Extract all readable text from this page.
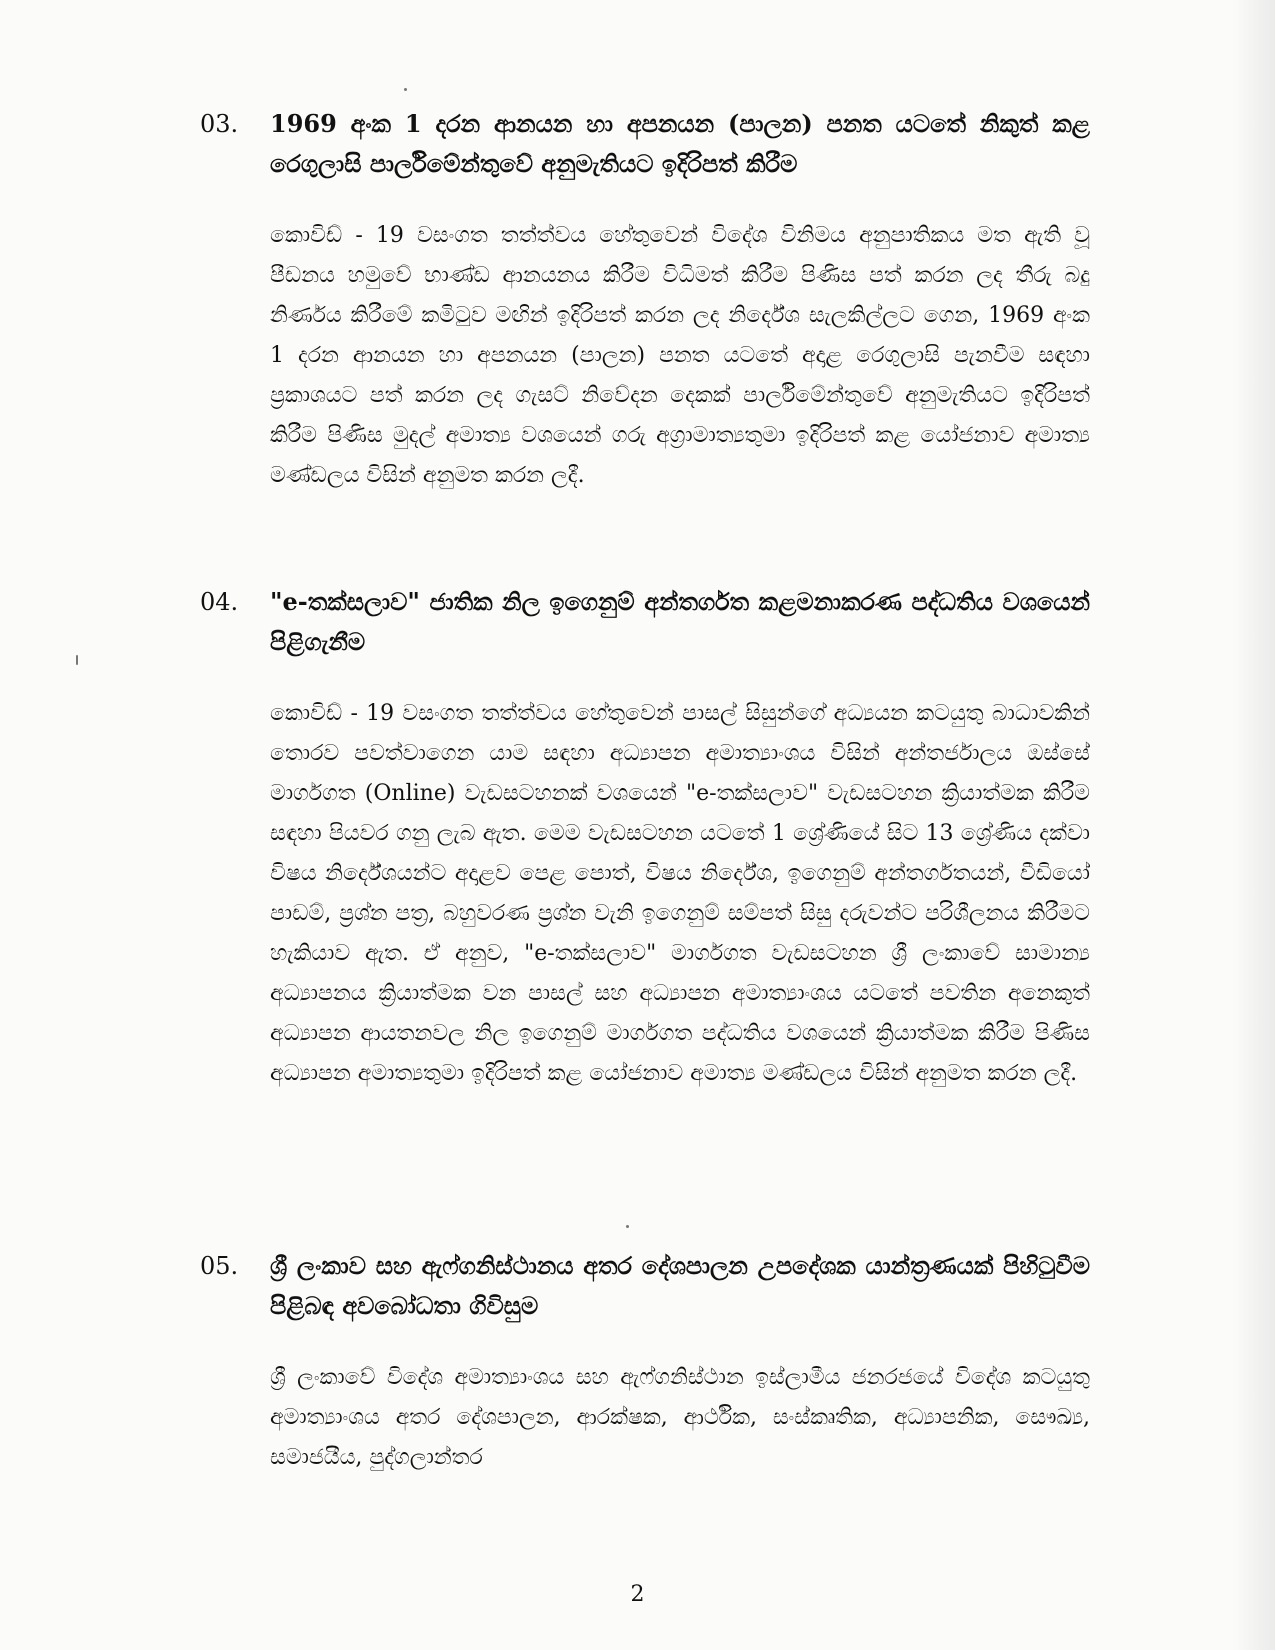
03. 1969 අංක 1 දරන ආනයන හා අපනයන (පාලන) පනත යටතේ නිකුත් කළ රෙගුලාසි පාර්ලිමේන්තුවේ අනුමැතියට ඉදිරිපත් කිරීම
කොවිඩ් - 19 වසංගත තත්ත්වය හේතුවෙන් විදේශ විනිමය අනුපාතිකය මත ඇති වූ පීඩනය හමුවේ භාණ්ඩ ආනයනය කිරීම විධිමත් කිරීම පිණිස පත් කරන ලද තීරු බදු නිර්ණය කිරීමේ කමිටුව මඟින් ඉදිරිපත් කරන ලද නිර්දේශ සැලකිල්ලට ගෙන, 1969 අංක 1 දරන ආනයන හා අපනයන (පාලන) පනත යටතේ අදාළ රෙගුලාසි පැනවීම සඳහා ප්‍රකාශයට පත් කරන ලද ගැසට් නිවේදන දෙකක් පාර්ලිමේන්තුවේ අනුමැතියට ඉදිරිපත් කිරීම පිණිස මුදල් අමාත්‍ය වශයෙන් ගරු අග්‍රාමාත්‍යතුමා ඉදිරිපත් කළ යෝජනාව අමාත්‍ය මණ්ඩලය විසින් අනුමත කරන ලදී.
04. "e-තක්සලාව" ජාතික නිල ඉගෙනුම් අන්තර්ගත කළමනාකරණ පද්ධතිය වශයෙන් පිළිගැනීම
කොවිඩ් - 19 වසංගත තත්ත්වය හේතුවෙන් පාසල් සිසුන්ගේ අධ්‍යයන කටයුතු බාධාවකින් තොරව පවත්වාගෙන යාම සඳහා අධ්‍යාපන අමාත්‍යාංශය විසින් අන්තර්ජාලය ඔස්සේ මාර්ගගත (Online) වැඩසටහනක් වශයෙන් "e-තක්සලාව" වැඩසටහන ක්‍රියාත්මක කිරීම සඳහා පියවර ගනු ලැබ ඇත. මෙම වැඩසටහන යටතේ 1 ශ්‍රේණියේ සිට 13 ශ්‍රේණිය දක්වා විෂය නිර්දේශයන්ට අදාළව පෙළ පොත්, විෂය නිර්දේශ, ඉගෙනුම් අන්තර්ගතයන්, වීඩියෝ පාඩම්, ප්‍රශ්න පත්‍ර, බහුවරණ ප්‍රශ්න වැනි ඉගෙනුම් සම්පත් සිසු දරුවන්ට පරිශීලනය කිරීමට හැකියාව ඇත. ඒ අනුව, "e-තක්සලාව" මාර්ගගත වැඩසටහන ශ්‍රී ලංකාවේ සාමාන්‍ය අධ්‍යාපනය ක්‍රියාත්මක වන පාසල් සහ අධ්‍යාපන අමාත්‍යාංශය යටතේ පවතින අනෙකුත් අධ්‍යාපන ආයතනවල නිල ඉගෙනුම් මාර්ගගත පද්ධතිය වශයෙන් ක්‍රියාත්මක කිරීම පිණිස අධ්‍යාපන අමාත්‍යතුමා ඉදිරිපත් කළ යෝජනාව අමාත්‍ය මණ්ඩලය විසින් අනුමත කරන ලදී.
05. ශ්‍රී ලංකාව සහ ඇෆ්ගනිස්ථානය අතර දේශපාලන උපදේශක යාන්ත්‍රණයක් පිහිටුවීම පිළිබඳ අවබෝධතා ගිවිසුම
ශ්‍රී ලංකාවේ විදේශ අමාත්‍යාංශය සහ ඇෆ්ගනිස්ථාන ඉස්ලාමීය ජනරජයේ විදේශ කටයුතු අමාත්‍යාංශය අතර දේශපාලන, ආරක්ෂක, ආර්ථික, සංස්කෘතික, අධ්‍යාපනික, සෞඛ්‍ය, සමාජයීය, පුද්ගලාන්තර
2
